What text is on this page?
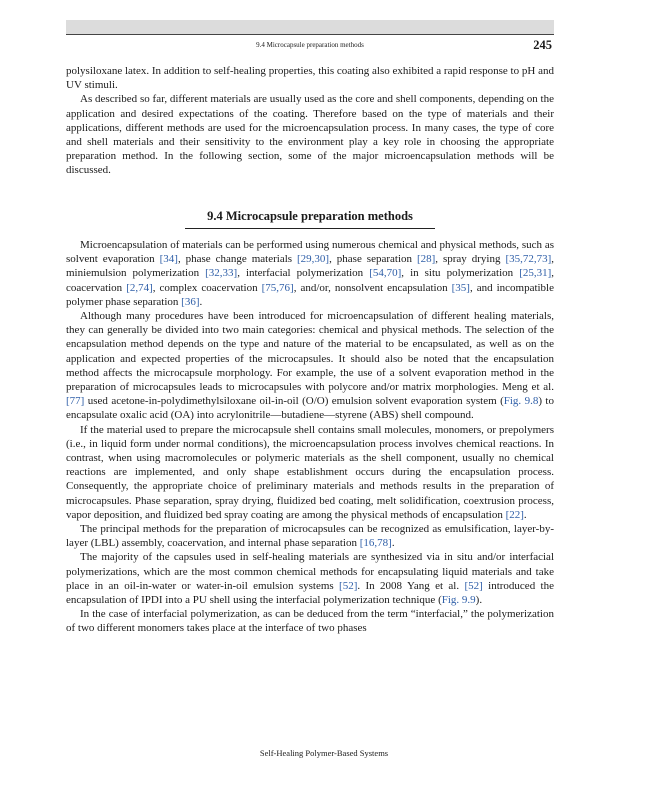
9.4 Microcapsule preparation methods	245

polysiloxane latex. In addition to self-healing properties, this coating also exhibited a rapid response to pH and UV stimuli.

As described so far, different materials are usually used as the core and shell components, depending on the application and desired expectations of the coating. Therefore based on the type of materials and their applications, different methods are used for the microencapsulation process. In many cases, the type of core and shell materials and their sensitivity to the environment play a key role in choosing the appropriate preparation method. In the following section, some of the major microencapsulation methods will be discussed.

9.4 Microcapsule preparation methods

Microencapsulation of materials can be performed using numerous chemical and physical methods, such as solvent evaporation [34], phase change materials [29,30], phase separation [28], spray drying [35,72,73], miniemulsion polymerization [32,33], interfacial polymerization [54,70], in situ polymerization [25,31], coacervation [2,74], complex coacervation [75,76], and/or, nonsolvent encapsulation [35], and incompatible polymer phase separation [36].

Although many procedures have been introduced for microencapsulation of different healing materials, they can generally be divided into two main categories: chemical and physical methods. The selection of the encapsulation method depends on the type and nature of the material to be encapsulated, as well as on the application and expected properties of the microcapsules. It should also be noted that the encapsulation method affects the microcapsule morphology. For example, the use of a solvent evaporation method in the preparation of microcapsules leads to microcapsules with polycore and/or matrix morphologies. Meng et al. [77] used acetone-in-polydimethylsiloxane oil-in-oil (O/O) emulsion solvent evaporation system (Fig. 9.8) to encapsulate oxalic acid (OA) into acrylonitrile—butadiene—styrene (ABS) shell compound.

If the material used to prepare the microcapsule shell contains small molecules, monomers, or prepolymers (i.e., in liquid form under normal conditions), the microencapsulation process involves chemical reactions. In contrast, when using macromolecules or polymeric materials as the shell component, usually no chemical reactions are implemented, and only shape establishment occurs during the encapsulation process. Consequently, the appropriate choice of preliminary materials and methods results in the preparation of microcapsules. Phase separation, spray drying, fluidized bed coating, melt solidification, coextrusion process, vapor deposition, and fluidized bed spray coating are among the physical methods of encapsulation [22].

The principal methods for the preparation of microcapsules can be recognized as emulsification, layer-by-layer (LBL) assembly, coacervation, and internal phase separation [16,78].

The majority of the capsules used in self-healing materials are synthesized via in situ and/or interfacial polymerizations, which are the most common chemical methods for encapsulating liquid materials and take place in an oil-in-water or water-in-oil emulsion systems [52]. In 2008 Yang et al. [52] introduced the encapsulation of IPDI into a PU shell using the interfacial polymerization technique (Fig. 9.9).

In the case of interfacial polymerization, as can be deduced from the term “interfacial,” the polymerization of two different monomers takes place at the interface of two phases

Self-Healing Polymer-Based Systems
